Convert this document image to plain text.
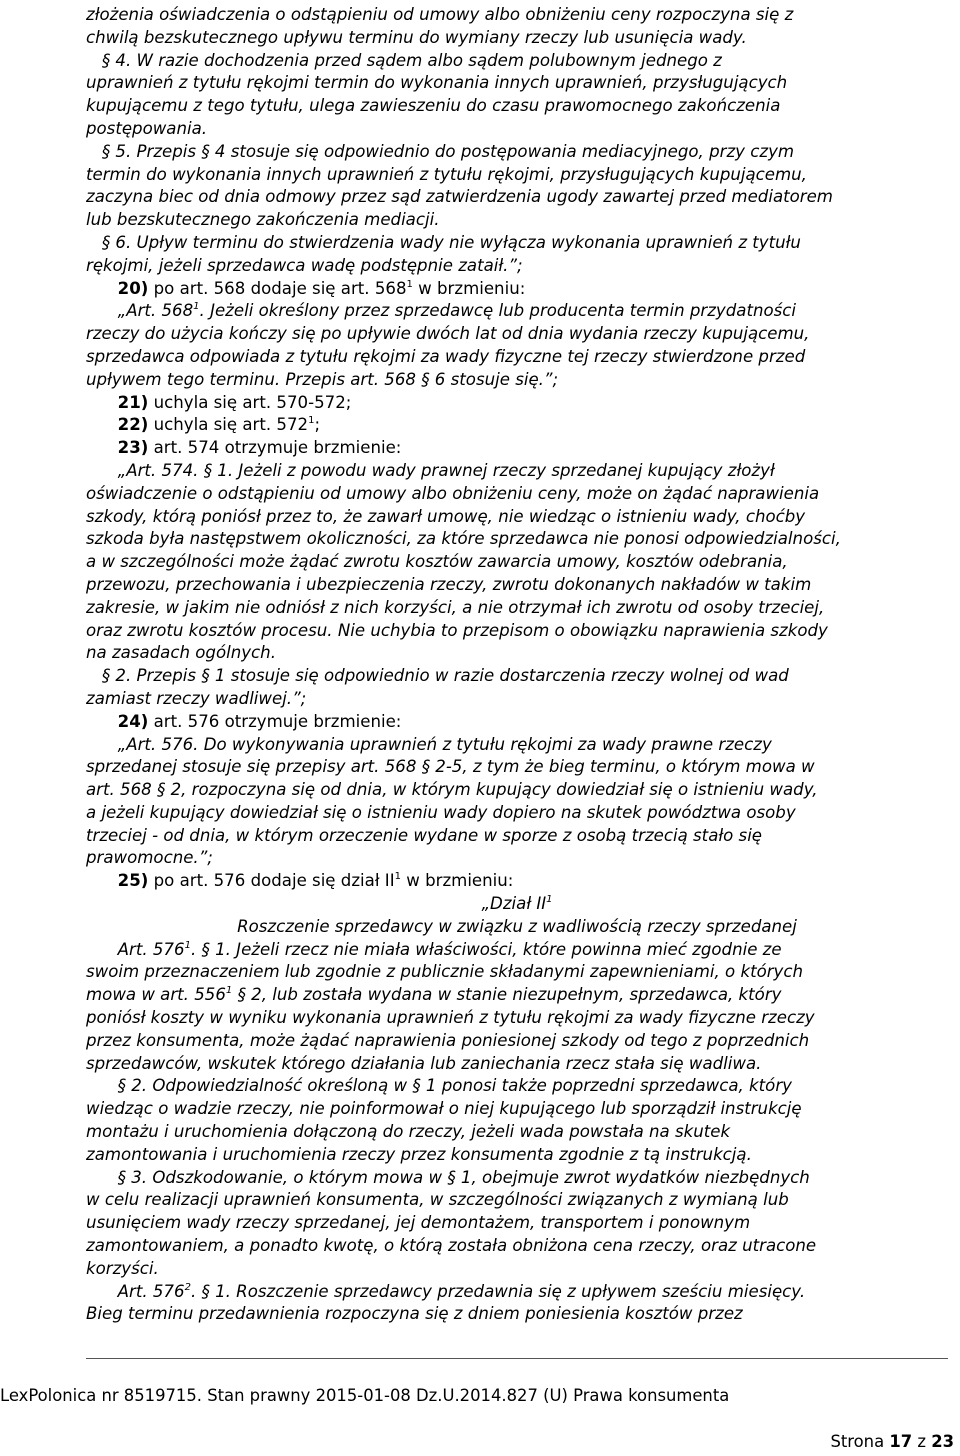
złożenia oświadczenia o odstąpieniu od umowy albo obniżeniu ceny rozpoczyna się z
chwilą bezskutecznego upływu terminu do wymiany rzeczy lub usunięcia wady.
§ 4. W razie dochodzenia przed sądem albo sądem polubownym jednego z
uprawnień z tytułu rękojmi termin do wykonania innych uprawnień, przysługujących
kupującemu z tego tytułu, ulega zawieszeniu do czasu prawomocnego zakończenia
postępowania.
§ 5. Przepis § 4 stosuje się odpowiednio do postępowania mediacyjnego, przy czym
termin do wykonania innych uprawnień z tytułu rękojmi, przysługujących kupującemu,
zaczyna biec od dnia odmowy przez sąd zatwierdzenia ugody zawartej przed mediatorem
lub bezskutecznego zakończenia mediacji.
§ 6. Upływ terminu do stwierdzenia wady nie wyłącza wykonania uprawnień z tytułu
rękojmi, jeżeli sprzedawca wadę podstępnie zataił.”;
20) po art. 568 dodaje się art. $568^1$ w brzmieniu:
„Art. $568^1$. Jeżeli określony przez sprzedawcę lub producenta termin przydatności
rzeczy do użycia kończy się po upływie dwóch lat od dnia wydania rzeczy kupującemu,
sprzedawca odpowiada z tytułu rękojmi za wady fizyczne tej rzeczy stwierdzone przed
upływem tego terminu. Przepis art. 568 § 6 stosuje się.”;
21) uchyla się art. 570-572;
22) uchyla się art. $572^1$;
23) art. 574 otrzymuje brzmienie:
„Art. 574. § 1. Jeżeli z powodu wady prawnej rzeczy sprzedanej kupujący złożył
oświadczenie o odstąpieniu od umowy albo obniżeniu ceny, może on żądać naprawienia
szkody, którą poniósł przez to, że zawarł umowę, nie wiedząc o istnieniu wady, choćby
szkoda była następstwem okoliczności, za które sprzedawca nie ponosi odpowiedzialności,
a w szczególności może żądać zwrotu kosztów zawarcia umowy, kosztów odebrania,
przewozu, przechowania i ubezpieczenia rzeczy, zwrotu dokonanych nakładów w takim
zakresie, w jakim nie odniósł z nich korzyści, a nie otrzymał ich zwrotu od osoby trzeciej,
oraz zwrotu kosztów procesu. Nie uchybia to przepisom o obowiązku naprawienia szkody
na zasadach ogólnych.
§ 2. Przepis § 1 stosuje się odpowiednio w razie dostarczenia rzeczy wolnej od wad
zamiast rzeczy wadliwej.”;
24) art. 576 otrzymuje brzmienie:
„Art. 576. Do wykonywania uprawnień z tytułu rękojmi za wady prawne rzeczy
sprzedanej stosuje się przepisy art. 568 § 2-5, z tym że bieg terminu, o którym mowa w
art. 568 § 2, rozpoczyna się od dnia, w którym kupujący dowiedział się o istnieniu wady,
a jeżeli kupujący dowiedział się o istnieniu wady dopiero na skutek powództwa osoby
trzeciej - od dnia, w którym orzeczenie wydane w sporze z osobą trzecią stało się
prawomocne.”;
25) po art. 576 dodaje się dział $II^1$ w brzmieniu:
„Dział $II^1$
Roszczenie sprzedawcy w związku z wadliwością rzeczy sprzedanej
Art. $576^1$. § 1. Jeżeli rzecz nie miała właściwości, które powinna mieć zgodnie ze
swoim przeznaczeniem lub zgodnie z publicznie składanymi zapewnieniami, o których
mowa w art. $556^1$ § 2, lub została wydana w stanie niezupełnym, sprzedawca, który
poniósł koszty w wyniku wykonania uprawnień z tytułu rękojmi za wady fizyczne rzeczy
przez konsumenta, może żądać naprawienia poniesionej szkody od tego z poprzednich
sprzedawców, wskutek którego działania lub zaniechania rzecz stała się wadliwa.
§ 2. Odpowiedzialność określoną w § 1 ponosi także poprzedni sprzedawca, który
wiedząc o wadzie rzeczy, nie poinformował o niej kupującego lub sporządził instrukcję
montażu i uruchomienia dołączoną do rzeczy, jeżeli wada powstała na skutek
zamontowania i uruchomienia rzeczy przez konsumenta zgodnie z tą instrukcją.
§ 3. Odszkodowanie, o którym mowa w § 1, obejmuje zwrot wydatków niezbędnych
w celu realizacji uprawnień konsumenta, w szczególności związanych z wymianą lub
usunięciem wady rzeczy sprzedanej, jej demontażem, transportem i ponownym
zamontowaniem, a ponadto kwotę, o którą została obniżona cena rzeczy, oraz utracone
korzyści.
Art. $576^2$. § 1. Roszczenie sprzedawcy przedawnia się z upływem sześciu miesięcy.
Bieg terminu przedawnienia rozpoczyna się z dniem poniesienia kosztów przez
LexPolonica nr 8519715. Stan prawny 2015-01-08 Dz.U.2014.827 (U) Prawa konsumenta
Strona 17 z 23
